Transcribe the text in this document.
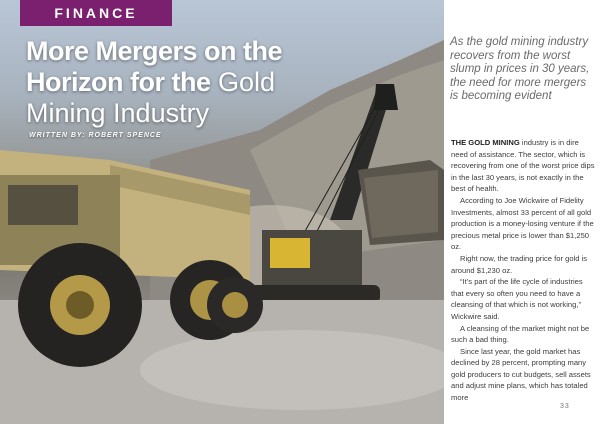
FINANCE
More Mergers on the
Horizon for the Gold
Mining Industry
WRITTEN BY: ROBERT SPENCE
As the gold mining industry recovers from the worst slump in prices in 30 years, the need for more mergers is becoming evident

THE GOLD MINING industry is in dire need of assistance. The sector, which is recovering from one of the worst price dips in the last 30 years, is not exactly in the best of health.

According to Joe Wickwire of Fidelity Investments, almost 33 percent of all gold production is a money-losing venture if the precious metal price is lower than $1,250 oz.

Right now, the trading price for gold is around $1,230 oz.

“It’s part of the life cycle of industries that every so often you need to have a cleansing of that which is not working,” Wickwire said.

A cleansing of the market might not be such a bad thing.

Since last year, the gold market has declined by 28 percent, prompting many gold producers to cut budgets, sell assets and adjust mine plans, which has totaled more

33
